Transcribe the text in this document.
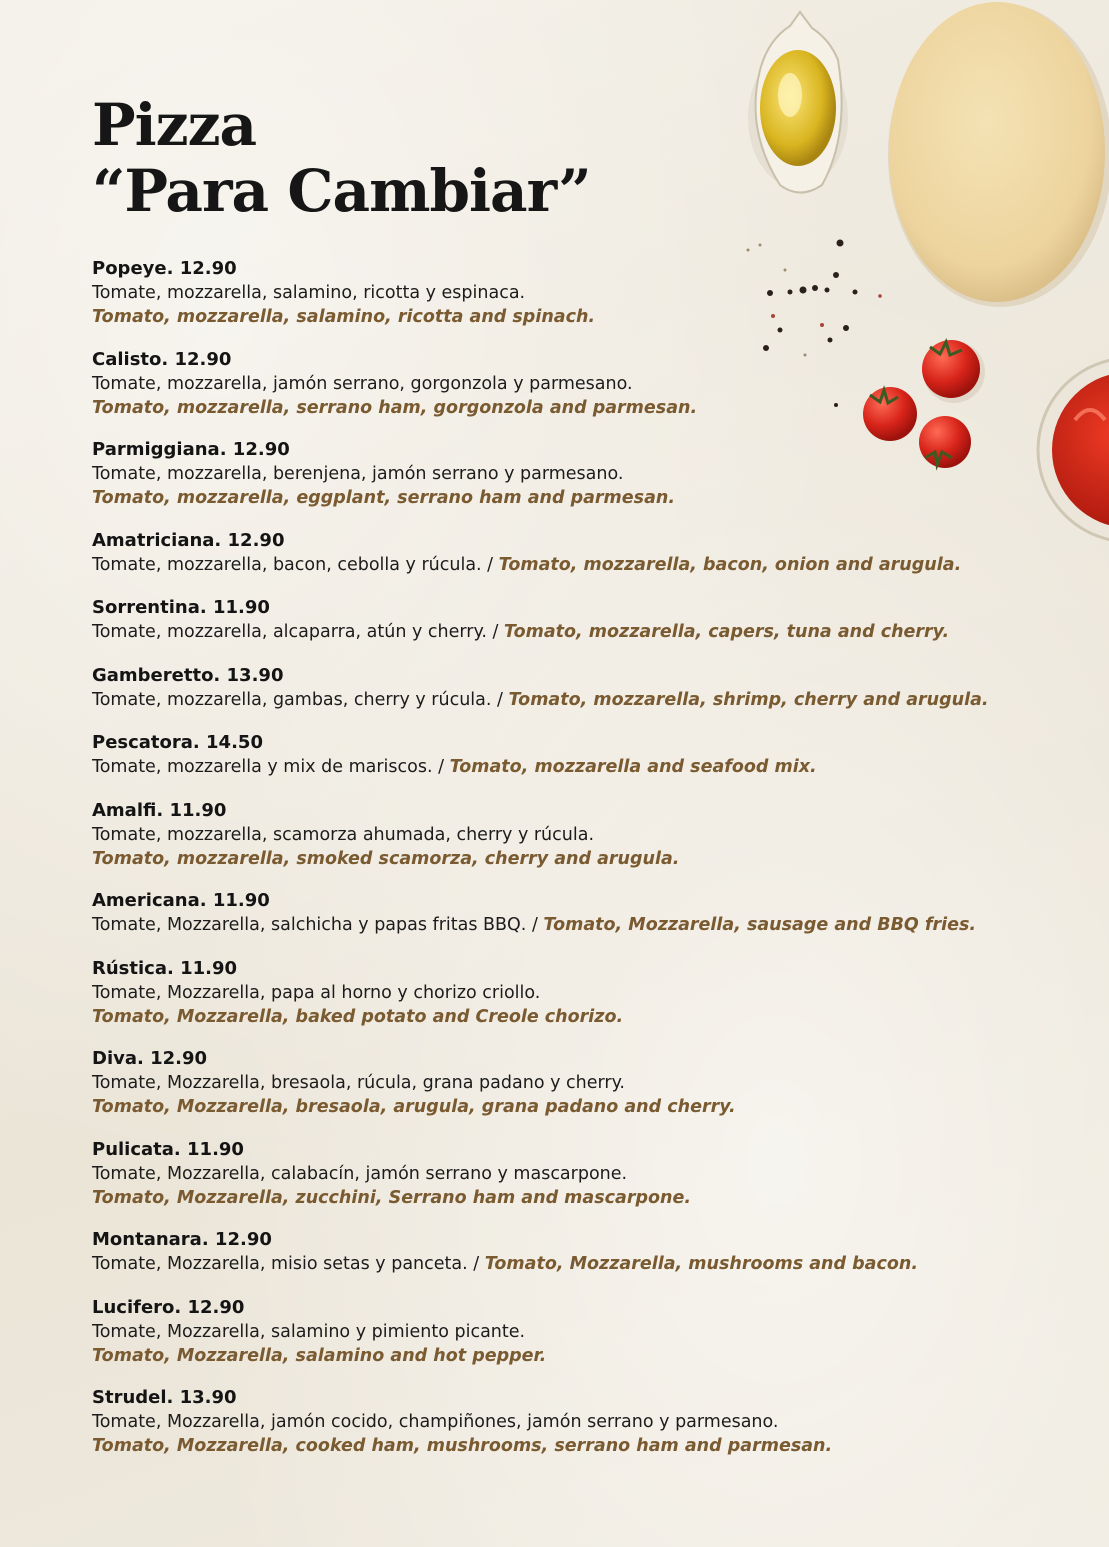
Pizza
“Para Cambiar”
Popeye. 12.90
Tomate, mozzarella, salamino, ricotta y espinaca.
Tomato, mozzarella, salamino, ricotta and spinach.
Calisto. 12.90
Tomate, mozzarella, jamón serrano, gorgonzola y parmesano.
Tomato, mozzarella, serrano ham, gorgonzola and parmesan.
Parmiggiana. 12.90
Tomate, mozzarella, berenjena, jamón serrano y parmesano.
Tomato, mozzarella, eggplant, serrano ham and parmesan.
Amatriciana. 12.90
Tomate, mozzarella, bacon, cebolla y rúcula. / Tomato, mozzarella, bacon, onion and arugula.
Sorrentina. 11.90
Tomate, mozzarella, alcaparra, atún y cherry. / Tomato, mozzarella, capers, tuna and cherry.
Gamberetto. 13.90
Tomate, mozzarella, gambas, cherry y rúcula. / Tomato, mozzarella, shrimp, cherry and arugula.
Pescatora. 14.50
Tomate, mozzarella y mix de mariscos. / Tomato, mozzarella and seafood mix.
Amalfi. 11.90
Tomate, mozzarella, scamorza ahumada, cherry y rúcula.
Tomato, mozzarella, smoked scamorza, cherry and arugula.
Americana. 11.90
Tomate, Mozzarella, salchicha y papas fritas BBQ. / Tomato, Mozzarella, sausage and BBQ fries.
Rústica. 11.90
Tomate, Mozzarella, papa al horno y chorizo criollo.
Tomato, Mozzarella, baked potato and Creole chorizo.
Diva. 12.90
Tomate, Mozzarella, bresaola, rúcula, grana padano y cherry.
Tomato, Mozzarella, bresaola, arugula, grana padano and cherry.
Pulicata. 11.90
Tomate, Mozzarella, calabacín, jamón serrano y mascarpone.
Tomato, Mozzarella, zucchini, Serrano ham and mascarpone.
Montanara. 12.90
Tomate, Mozzarella, misio setas y panceta. / Tomato, Mozzarella, mushrooms and bacon.
Lucifero. 12.90
Tomate, Mozzarella, salamino y pimiento picante.
Tomato, Mozzarella, salamino and hot pepper.
Strudel. 13.90
Tomate, Mozzarella, jamón cocido, champiñones, jamón serrano y parmesano.
Tomato, Mozzarella, cooked ham, mushrooms, serrano ham and parmesan.
